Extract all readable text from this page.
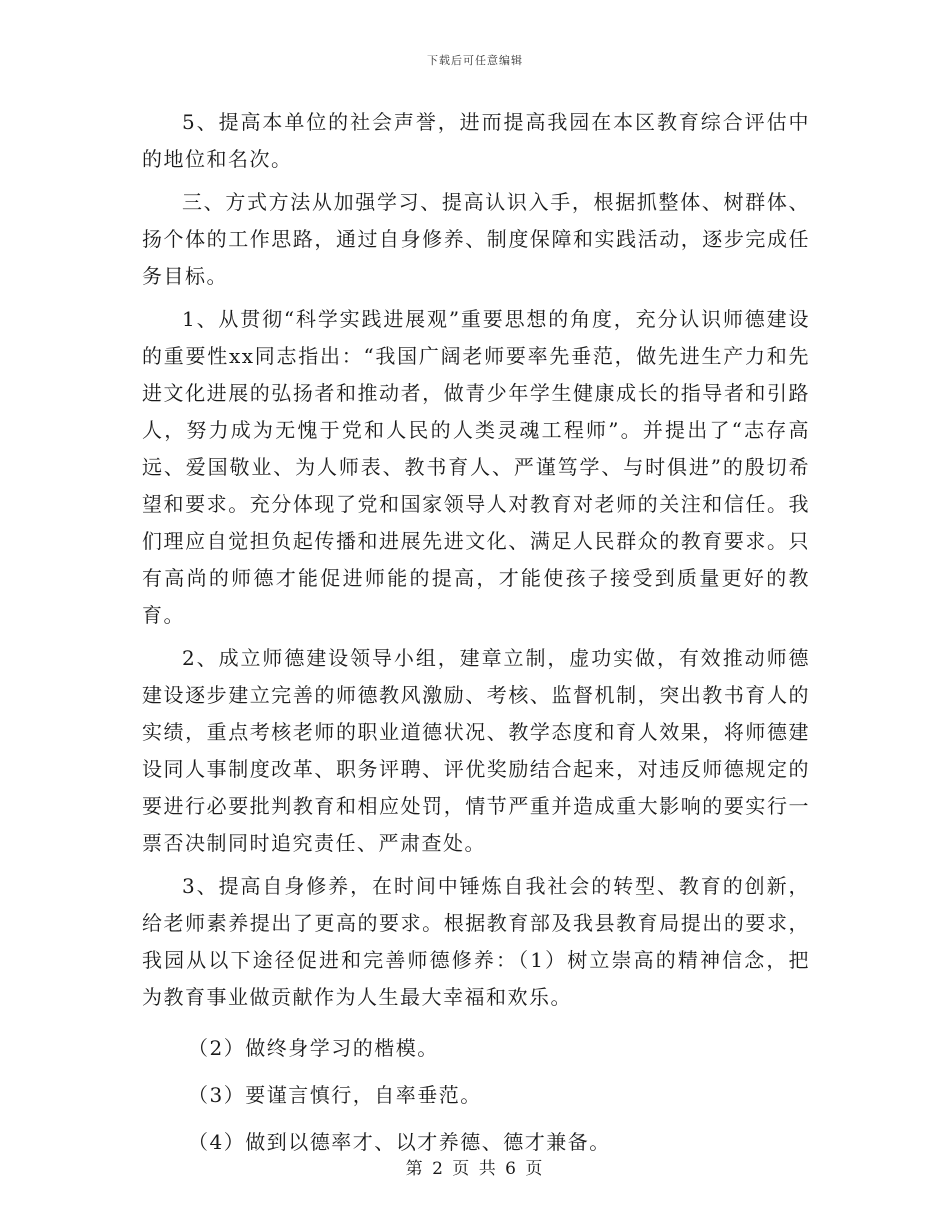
下载后可任意编辑

5、提高本单位的社会声誉，进而提高我园在本区教育综合评估中的地位和名次。

三、方式方法从加强学习、提高认识入手，根据抓整体、树群体、扬个体的工作思路，通过自身修养、制度保障和实践活动，逐步完成任务目标。

1、从贯彻“科学实践进展观”重要思想的角度，充分认识师德建设的重要性xx同志指出：“我国广阔老师要率先垂范，做先进生产力和先进文化进展的弘扬者和推动者，做青少年学生健康成长的指导者和引路人，努力成为无愧于党和人民的人类灵魂工程师”。并提出了“志存高远、爱国敬业、为人师表、教书育人、严谨笃学、与时俱进”的殷切希望和要求。充分体现了党和国家领导人对教育对老师的关注和信任。我们理应自觉担负起传播和进展先进文化、满足人民群众的教育要求。只有高尚的师德才能促进师能的提高，才能使孩子接受到质量更好的教育。

2、成立师德建设领导小组，建章立制，虚功实做，有效推动师德建设逐步建立完善的师德教风激励、考核、监督机制，突出教书育人的实绩，重点考核老师的职业道德状况、教学态度和育人效果，将师德建设同人事制度改革、职务评聘、评优奖励结合起来，对违反师德规定的要进行必要批判教育和相应处罚，情节严重并造成重大影响的要实行一票否决制同时追究责任、严肃查处。

3、提高自身修养，在时间中锤炼自我社会的转型、教育的创新，给老师素养提出了更高的要求。根据教育部及我县教育局提出的要求，我园从以下途径促进和完善师德修养：（1）树立崇高的精神信念，把为教育事业做贡献作为人生最大幸福和欢乐。

（2）做终身学习的楷模。

（3）要谨言慎行，自率垂范。

（4）做到以德率才、以才养德、德才兼备。

第 2 页 共 6 页
